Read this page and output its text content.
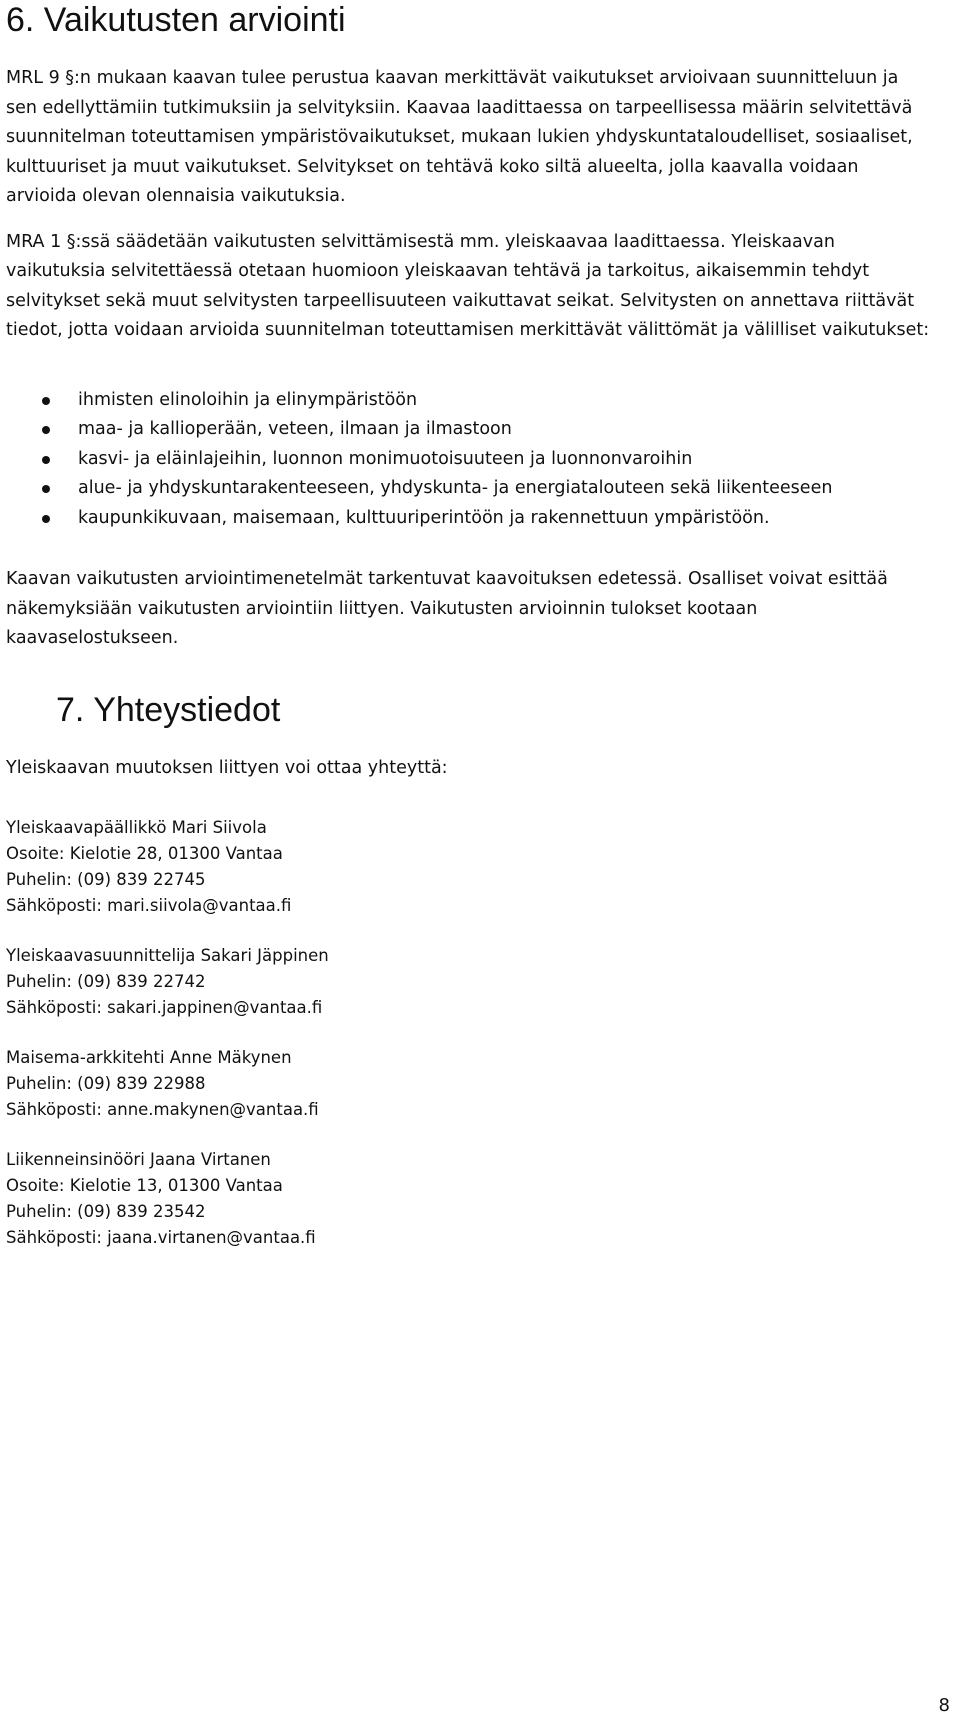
6. Vaikutusten arviointi

MRL 9 §:n mukaan kaavan tulee perustua kaavan merkittävät vaikutukset arvioivaan suunnitteluun ja sen edellyttämiin tutkimuksiin ja selvityksiin. Kaavaa laadittaessa on tarpeellisessa määrin selvitettävä suunnitelman toteuttamisen ympäristövaikutukset, mukaan lukien yhdyskuntataloudelliset, sosiaaliset, kulttuuriset ja muut vaikutukset. Selvitykset on tehtävä koko siltä alueelta, jolla kaavalla voidaan arvioida olevan olennaisia vaikutuksia.

MRA 1 §:ssä säädetään vaikutusten selvittämisestä mm. yleiskaavaa laadittaessa. Yleiskaavan vaikutuksia selvitettäessä otetaan huomioon yleiskaavan tehtävä ja tarkoitus, aikaisemmin tehdyt selvitykset sekä muut selvitysten tarpeellisuuteen vaikuttavat seikat. Selvitysten on annettava riittävät tiedot, jotta voidaan arvioida suunnitelman toteuttamisen merkittävät välittömät ja välilliset vaikutukset:

ihmisten elinoloihin ja elinympäristöön
maa- ja kallioperään, veteen, ilmaan ja ilmastoon
kasvi- ja eläinlajeihin, luonnon monimuotoisuuteen ja luonnonvaroihin
alue- ja yhdyskuntarakenteeseen, yhdyskunta- ja energiatalouteen sekä liikenteeseen
kaupunkikuvaan, maisemaan, kulttuuriperintöön ja rakennettuun ympäristöön.

Kaavan vaikutusten arviointimenetelmät tarkentuvat kaavoituksen edetessä. Osalliset voivat esittää näkemyksiään vaikutusten arviointiin liittyen. Vaikutusten arvioinnin tulokset kootaan kaavaselostukseen.

7. Yhteystiedot

Yleiskaavan muutoksen liittyen voi ottaa yhteyttä:

Yleiskaavapäällikkö Mari Siivola
Osoite: Kielotie 28, 01300 Vantaa
Puhelin: (09) 839 22745
Sähköposti: mari.siivola@vantaa.fi
Yleiskaavasuunnittelija Sakari Jäppinen
Puhelin: (09) 839 22742
Sähköposti: sakari.jappinen@vantaa.fi
Maisema-arkkitehti Anne Mäkynen
Puhelin: (09) 839 22988
Sähköposti: anne.makynen@vantaa.fi
Liikenneinsinööri Jaana Virtanen
Osoite: Kielotie 13, 01300 Vantaa
Puhelin: (09) 839 23542
Sähköposti: jaana.virtanen@vantaa.fi
8
